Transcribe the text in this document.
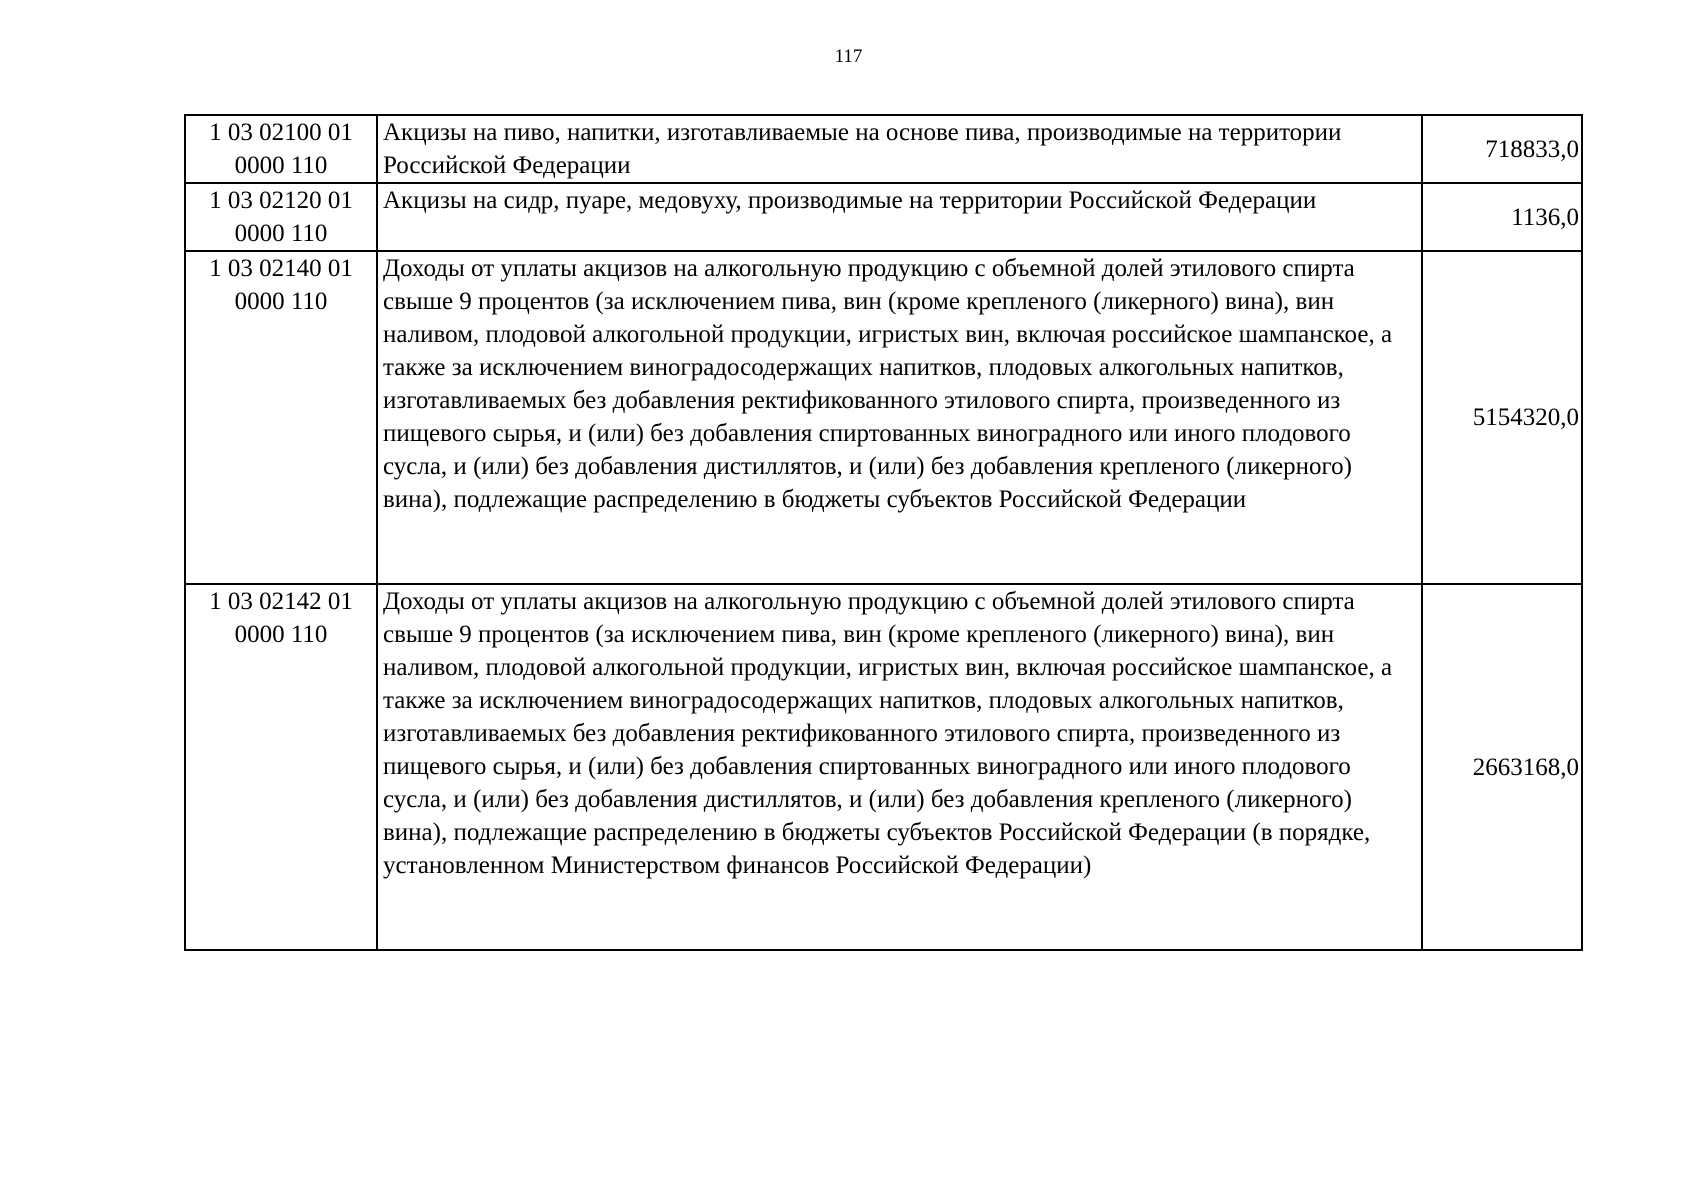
117
1 03 02100 01 0000 110	Акцизы на пиво, напитки, изготавливаемые на основе пива, производимые на территории Российской Федерации	718833,0
1 03 02120 01 0000 110	Акцизы на сидр, пуаре, медовуху, производимые на территории Российской Федерации	1136,0
1 03 02140 01 0000 110	Доходы от уплаты акцизов на алкогольную продукцию с объемной долей этилового спирта свыше 9 процентов (за исключением пива, вин (кроме крепленого (ликерного) вина), вин наливом, плодовой алкогольной продукции, игристых вин, включая российское шампанское, а также за исключением виноградосодержащих напитков, плодовых алкогольных напитков, изготавливаемых без добавления ректификованного этилового спирта, произведенного из пищевого сырья, и (или) без добавления спиртованных виноградного или иного плодового сусла, и (или) без добавления дистиллятов, и (или) без добавления крепленого (ликерного) вина), подлежащие распределению в бюджеты субъектов Российской Федерации	5154320,0
1 03 02142 01 0000 110	Доходы от уплаты акцизов на алкогольную продукцию с объемной долей этилового спирта свыше 9 процентов (за исключением пива, вин (кроме крепленого (ликерного) вина), вин наливом, плодовой алкогольной продукции, игристых вин, включая российское шампанское, а также за исключением виноградосодержащих напитков, плодовых алкогольных напитков, изготавливаемых без добавления ректификованного этилового спирта, произведенного из пищевого сырья, и (или) без добавления спиртованных виноградного или иного плодового сусла, и (или) без добавления дистиллятов, и (или) без добавления крепленого (ликерного) вина), подлежащие распределению в бюджеты субъектов Российской Федерации (в порядке, установленном Министерством финансов Российской Федерации)	2663168,0
